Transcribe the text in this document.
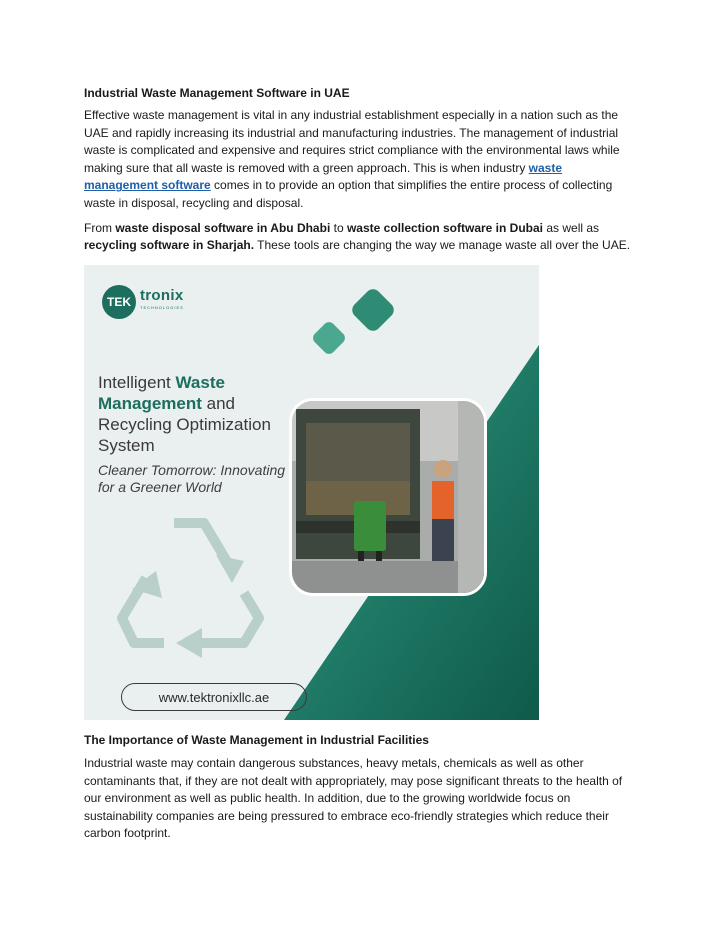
Industrial Waste Management Software in UAE

Effective waste management is vital in any industrial establishment especially in a nation such as the UAE and rapidly increasing its industrial and manufacturing industries. The management of industrial waste is complicated and expensive and requires strict compliance with the environmental laws while making sure that all waste is removed with a green approach. This is when industry waste management software comes in to provide an option that simplifies the entire process of collecting waste in disposal, recycling and disposal.

From waste disposal software in Abu Dhabi to waste collection software in Dubai as well as recycling software in Sharjah. These tools are changing the way we manage waste all over the UAE.

TEK tronix
TECHNOLOGIES
Intelligent Waste
Management and Recycling Optimization System
Cleaner Tomorrow: Innovating for a Greener World
www.tektronixllc.ae
The Importance of Waste Management in Industrial Facilities

Industrial waste may contain dangerous substances, heavy metals, chemicals as well as other contaminants that, if they are not dealt with appropriately, may pose significant threats to the health of our environment as well as public health. In addition, due to the growing worldwide focus on sustainability companies are being pressured to embrace eco-friendly strategies which reduce their carbon footprint.
